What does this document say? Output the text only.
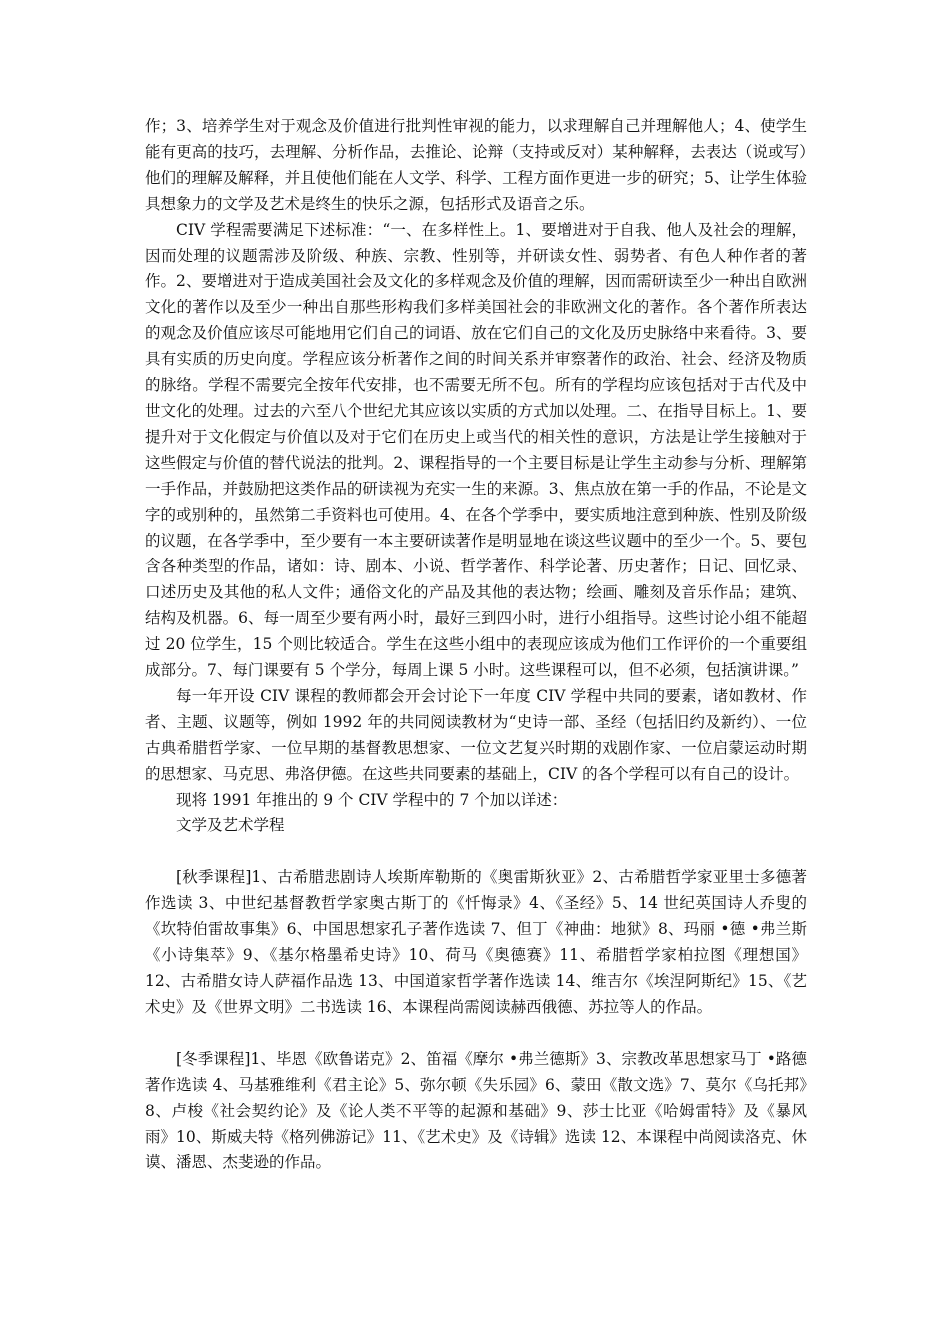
作；3、培养学生对于观念及价值进行批判性审视的能力，以求理解自己并理解他人；4、使学生能有更高的技巧，去理解、分析作品，去推论、论辩（支持或反对）某种解释，去表达（说或写）他们的理解及解释，并且使他们能在人文学、科学、工程方面作更进一步的研究；5、让学生体验具想象力的文学及艺术是终生的快乐之源，包括形式及语音之乐。

CIV 学程需要满足下述标准：“一、在多样性上。1、要增进对于自我、他人及社会的理解，因而处理的议题需涉及阶级、种族、宗教、性别等，并研读女性、弱势者、有色人种作者的著作。2、要增进对于造成美国社会及文化的多样观念及价值的理解，因而需研读至少一种出自欧洲文化的著作以及至少一种出自那些形构我们多样美国社会的非欧洲文化的著作。各个著作所表达的观念及价值应该尽可能地用它们自己的词语、放在它们自己的文化及历史脉络中来看待。3、要具有实质的历史向度。学程应该分析著作之间的时间关系并审察著作的政治、社会、经济及物质的脉络。学程不需要完全按年代安排，也不需要无所不包。所有的学程均应该包括对于古代及中世文化的处理。过去的六至八个世纪尤其应该以实质的方式加以处理。二、在指导目标上。1、要提升对于文化假定与价值以及对于它们在历史上或当代的相关性的意识，方法是让学生接触对于这些假定与价值的替代说法的批判。2、课程指导的一个主要目标是让学生主动参与分析、理解第一手作品，并鼓励把这类作品的研读视为充实一生的来源。3、焦点放在第一手的作品，不论是文字的或别种的，虽然第二手资料也可使用。4、在各个学季中，要实质地注意到种族、性别及阶级的议题，在各学季中，至少要有一本主要研读著作是明显地在谈这些议题中的至少一个。5、要包含各种类型的作品，诸如：诗、剧本、小说、哲学著作、科学论著、历史著作；日记、回忆录、口述历史及其他的私人文件；通俗文化的产品及其他的表达物；绘画、雕刻及音乐作品；建筑、结构及机器。6、每一周至少要有两小时，最好三到四小时，进行小组指导。这些讨论小组不能超过 20 位学生，15 个则比较适合。学生在这些小组中的表现应该成为他们工作评价的一个重要组成部分。7、每门课要有 5 个学分，每周上课 5 小时。这些课程可以，但不必须，包括演讲课。”

每一年开设 CIV 课程的教师都会开会讨论下一年度 CIV 学程中共同的要素，诸如教材、作者、主题、议题等，例如 1992 年的共同阅读教材为“史诗一部、圣经（包括旧约及新约）、一位古典希腊哲学家、一位早期的基督教思想家、一位文艺复兴时期的戏剧作家、一位启蒙运动时期的思想家、马克思、弗洛伊德。在这些共同要素的基础上，CIV 的各个学程可以有自己的设计。

现将 1991 年推出的 9 个 CIV 学程中的 7 个加以详述：

文学及艺术学程

[秋季课程]1、古希腊悲剧诗人埃斯库勒斯的《奥雷斯狄亚》2、古希腊哲学家亚里士多德著作选读 3、中世纪基督教哲学家奥古斯丁的《忏悔录》4、《圣经》5、14 世纪英国诗人乔叟的《坎特伯雷故事集》6、中国思想家孔子著作选读 7、但丁《神曲：地狱》8、玛丽 •德 •弗兰斯《小诗集萃》9、《基尔格墨希史诗》10、荷马《奥德赛》11、希腊哲学家柏拉图《理想国》12、古希腊女诗人萨福作品选 13、中国道家哲学著作选读 14、维吉尔《埃涅阿斯纪》15、《艺术史》及《世界文明》二书选读 16、本课程尚需阅读赫西俄德、苏拉等人的作品。

[冬季课程]1、毕恩《欧鲁诺克》2、笛福《摩尔 •弗兰德斯》3、宗教改革思想家马丁 •路德著作选读 4、马基雅维利《君主论》5、弥尔顿《失乐园》6、蒙田《散文选》7、莫尔《乌托邦》8、卢梭《社会契约论》及《论人类不平等的起源和基础》9、莎士比亚《哈姆雷特》及《暴风雨》10、斯威夫特《格列佛游记》11、《艺术史》及《诗辑》选读 12、本课程中尚阅读洛克、休谟、潘恩、杰斐逊的作品。
